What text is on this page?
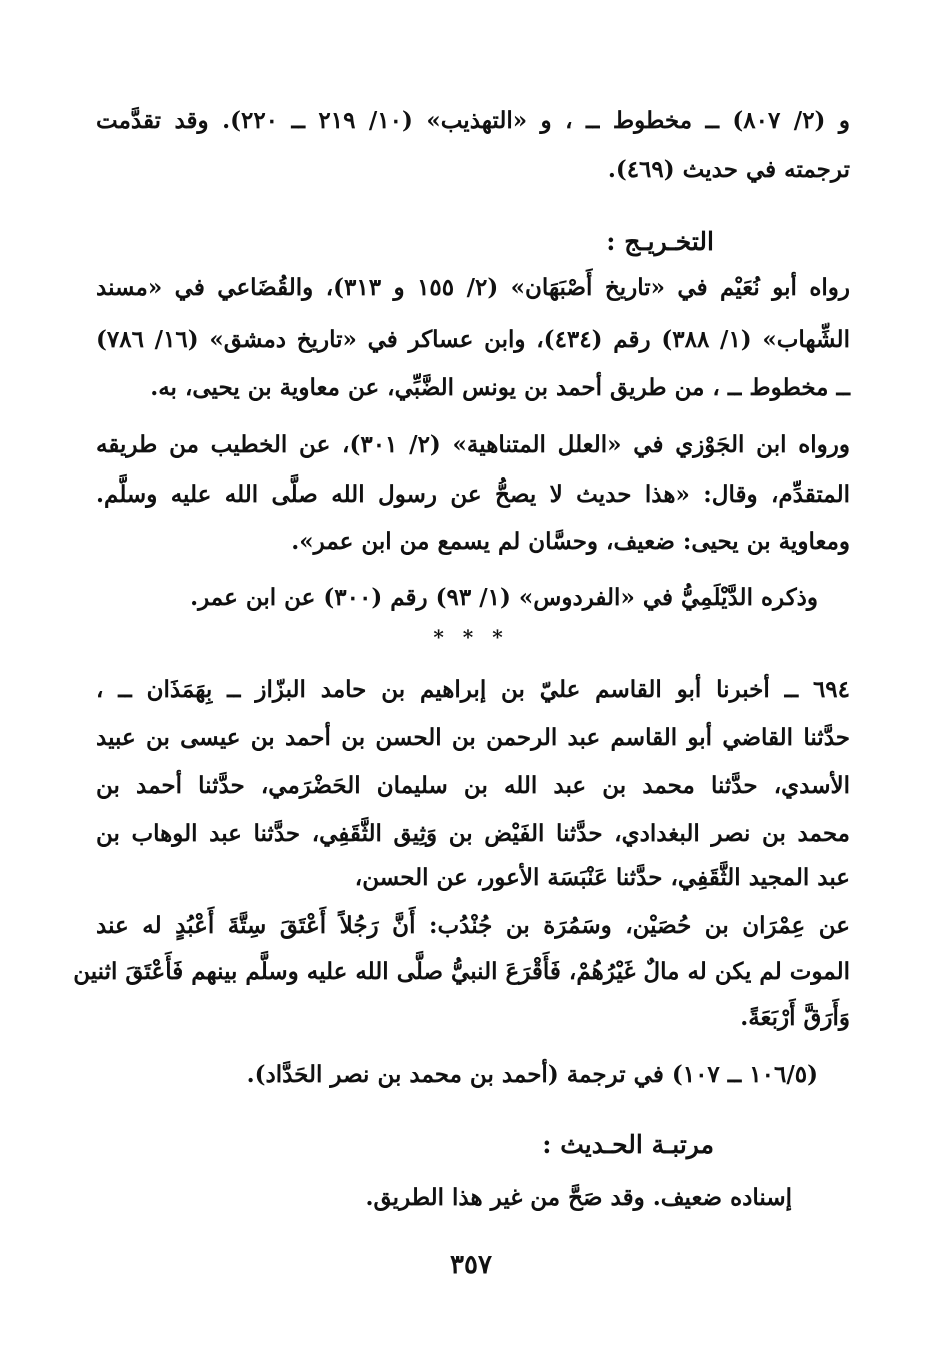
و (٢/ ٨٠٧) ــ مخطوط ــ ، و «التهذيب» (١٠/ ٢١٩ ــ ٢٢٠). وقد تقدَّمت
ترجمته في حديث (٤٦٩).
التخـريـج :
رواه أبو نُعَيْم في «تاريخ أَصْبَهَان» (٢/ ١٥٥ و ٣١٣)، والقُضَاعي في «مسند
الشِّهاب» (١/ ٣٨٨) رقم (٤٣٤)، وابن عساكر في «تاريخ دمشق» (١٦/ ٧٨٦)
ــ مخطوط ــ ، من طريق أحمد بن يونس الضَّبِّي، عن معاوية بن يحيى، به.
ورواه ابن الجَوْزي في «العلل المتناهية» (٢/ ٣٠١)، عن الخطيب من طريقه
المتقدِّم، وقال: «هذا حديث لا يصحُّ عن رسول الله صلَّى الله عليه وسلَّم.
ومعاوية بن يحيى: ضعيف، وحسَّان لم يسمع من ابن عمر».
وذكره الدَّيْلَمِيُّ في «الفردوس» (١/ ٩٣) رقم (٣٠٠) عن ابن عمر.
* * *
٦٩٤ ــ أخبرنا أبو القاسم عليّ بن إبراهيم بن حامد البزّاز ــ بِهَمَذَان ــ ،
حدَّثنا القاضي أبو القاسم عبد الرحمن بن الحسن بن أحمد بن عيسى بن عبيد
الأسدي، حدَّثنا محمد بن عبد الله بن سليمان الحَضْرَمي، حدَّثنا أحمد بن
محمد بن نصر البغدادي، حدَّثنا الفَيْض بن وَثِيق الثَّقَفِي، حدَّثنا عبد الوهاب بن
عبد المجيد الثَّقَفِي، حدَّثنا عَنْبَسَة الأعور، عن الحسن،
عن عِمْرَان بن حُصَيْن، وسَمُرَة بن جُنْدُب: أَنَّ رَجُلاً أَعْتَقَ سِتَّةَ أَعْبُدٍ له عند
الموت لم يكن له مالٌ غَيْرُهُمْ، فَأَقْرَعَ النبيُّ صلَّى الله عليه وسلَّم بينهم فَأَعْتَقَ اثنين
وَأَرَقَّ أَرْبَعَةً.
(١٠٦/٥ ــ ١٠٧) في ترجمة (أحمد بن محمد بن نصر الحَدَّاد).
مرتبـة الحـديث :
إسناده ضعيف. وقد صَحَّ من غير هذا الطريق.
٣٥٧
